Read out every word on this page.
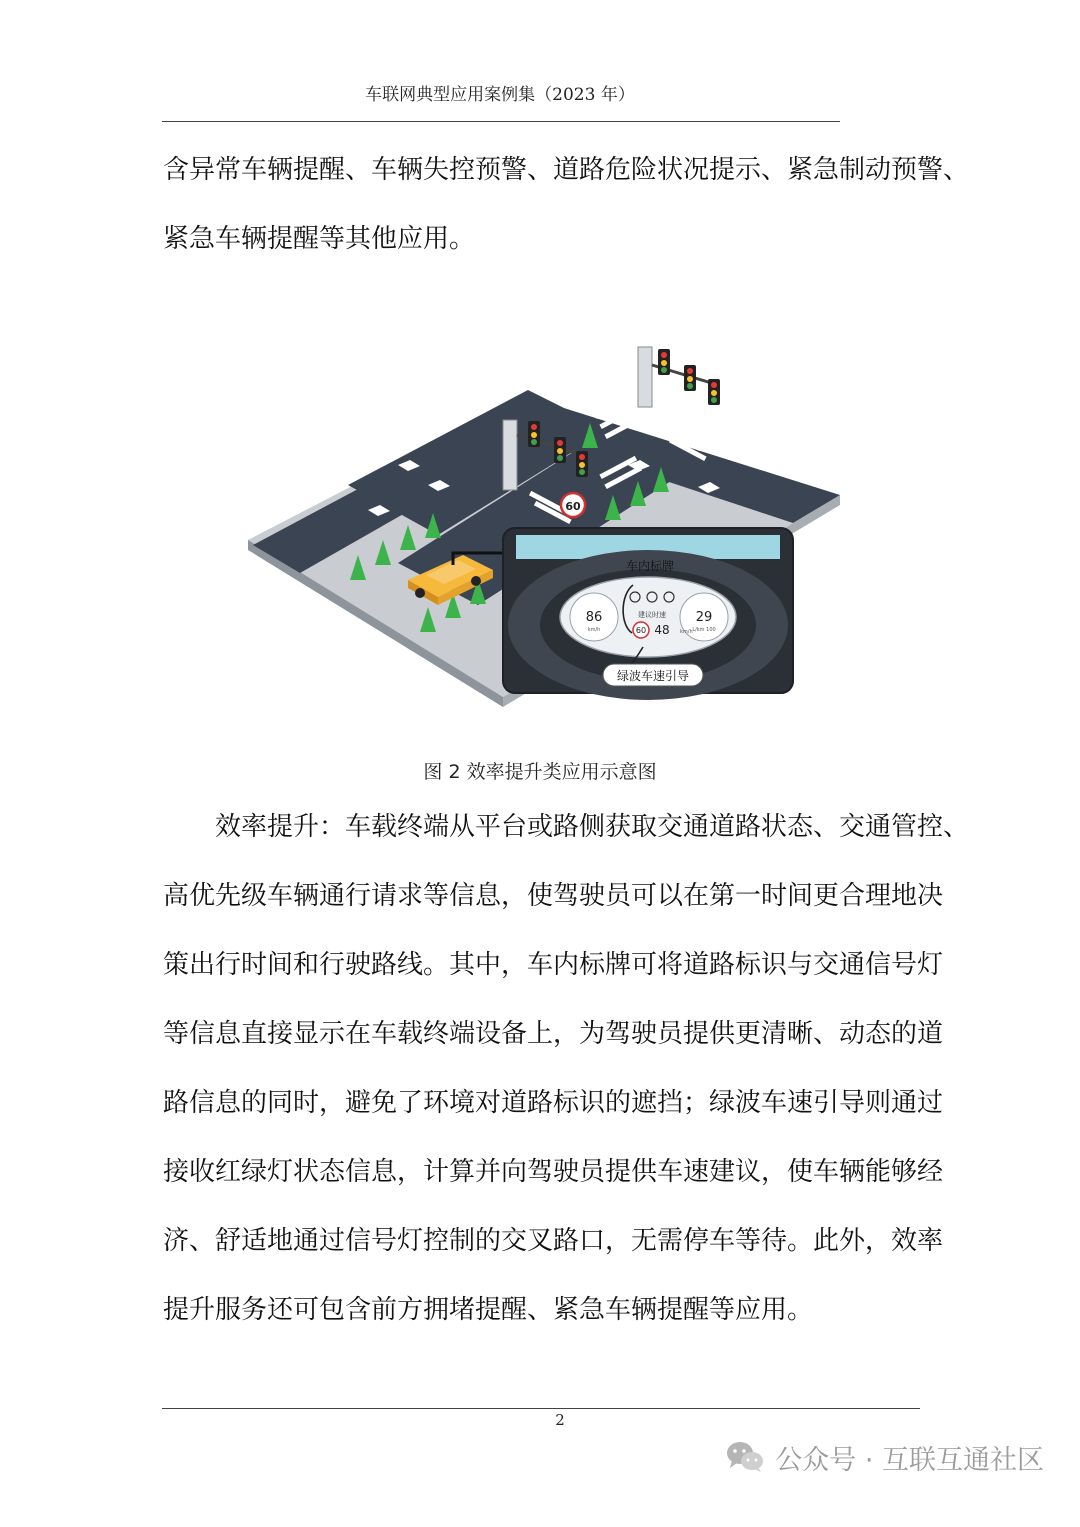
车联网典型应用案例集（2023 年）
含异常车辆提醒、车辆失控预警、道路危险状况提示、紧急制动预警、
紧急车辆提醒等其他应用。
60
86
km/h
29
L/km 100
建议时速
60 48 km/h
车内标牌
绿波车速引导
图 2 效率提升类应用示意图
效率提升：车载终端从平台或路侧获取交通道路状态、交通管控、
高优先级车辆通行请求等信息，使驾驶员可以在第一时间更合理地决
策出行时间和行驶路线。其中，车内标牌可将道路标识与交通信号灯
等信息直接显示在车载终端设备上，为驾驶员提供更清晰、动态的道
路信息的同时，避免了环境对道路标识的遮挡；绿波车速引导则通过
接收红绿灯状态信息，计算并向驾驶员提供车速建议，使车辆能够经
济、舒适地通过信号灯控制的交叉路口，无需停车等待。此外，效率
提升服务还可包含前方拥堵提醒、紧急车辆提醒等应用。
2
公众号 · 互联互通社区
